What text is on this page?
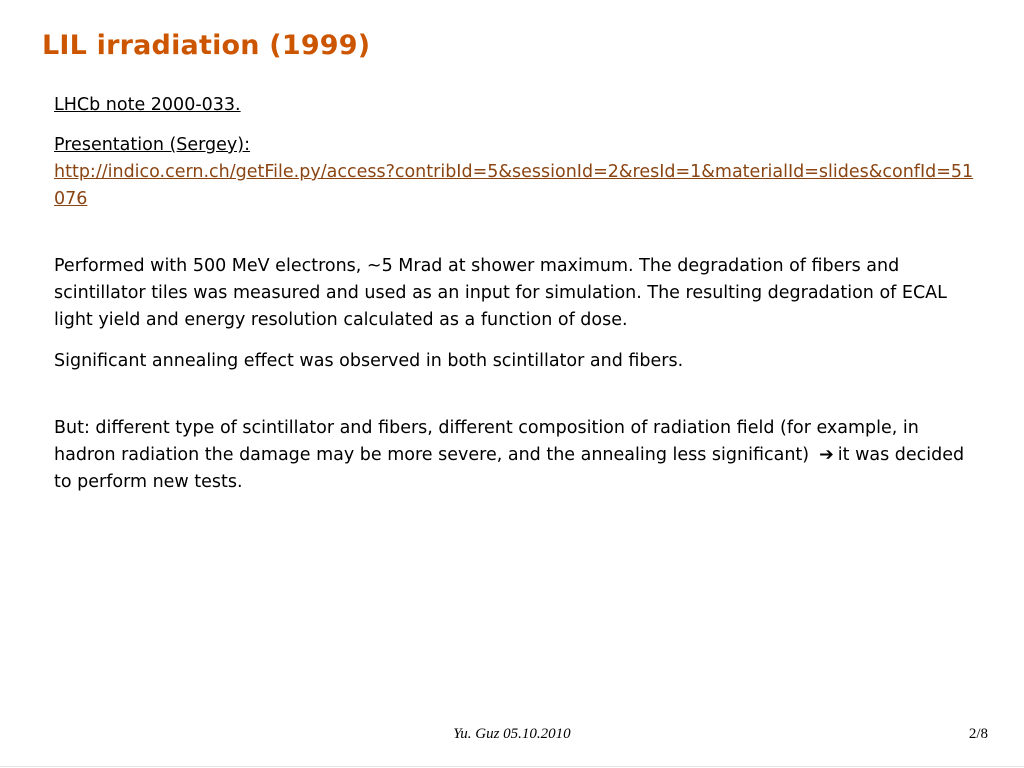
LIL irradiation (1999)

LHCb note 2000-033.

Presentation (Sergey):
http://indico.cern.ch/getFile.py/access?contribId=5&sessionId=2&resId=1&materialId=slides&confId=51076

Performed with 500 MeV electrons, ~5 Mrad at shower maximum. The degradation of fibers and scintillator tiles was measured and used as an input for simulation. The resulting degradation of ECAL light yield and energy resolution calculated as a function of dose.

Significant annealing effect was observed in both scintillator and fibers.

But: different type of scintillator and fibers, different composition of radiation field (for example, in hadron radiation the damage may be more severe, and the annealing less significant) ➔ it was decided to perform new tests.

Yu. Guz 05.10.2010	2/8
